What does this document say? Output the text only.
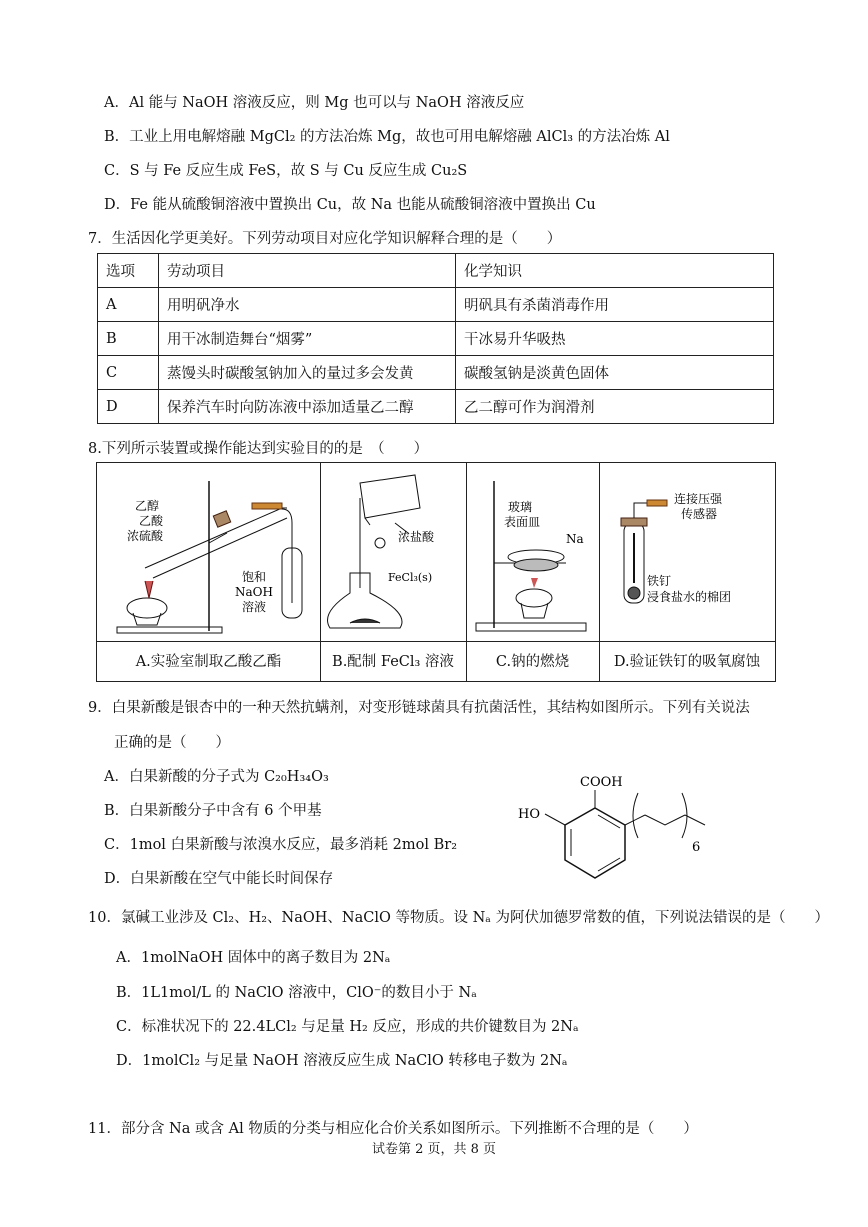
A．Al 能与 NaOH 溶液反应，则 Mg 也可以与 NaOH 溶液反应
B．工业上用电解熔融 MgCl₂ 的方法冶炼 Mg，故也可用电解熔融 AlCl₃ 的方法冶炼 Al
C．S 与 Fe 反应生成 FeS，故 S 与 Cu 反应生成 Cu₂S
D．Fe 能从硫酸铜溶液中置换出 Cu，故 Na 也能从硫酸铜溶液中置换出 Cu
7．生活因化学更美好。下列劳动项目对应化学知识解释合理的是（　　）
选项	劳动项目	化学知识
A	用明矾净水	明矾具有杀菌消毒作用
B	用干冰制造舞台“烟雾”	干冰易升华吸热
C	蒸馒头时碳酸氢钠加入的量过多会发黄	碳酸氢钠是淡黄色固体
D	保养汽车时向防冻液中添加适量乙二醇	乙二醇可作为润滑剂
8.下列所示装置或操作能达到实验目的的是　（　　）
乙醇
乙酸
浓硫酸
饱和
NaOH
溶液
浓盐酸
FeCl₃(s)
玻璃
表面皿
Na
连接压强
传感器
铁钉
浸食盐水的棉团
A.实验室制取乙酸乙酯	B.配制 FeCl₃ 溶液	C.钠的燃烧	D.验证铁钉的吸氧腐蚀
9．白果新酸是银杏中的一种天然抗螨剂，对变形链球菌具有抗菌活性，其结构如图所示。下列有关说法
正确的是（　　）
A．白果新酸的分子式为 C₂₀H₃₄O₃
B．白果新酸分子中含有 6 个甲基
C．1mol 白果新酸与浓溴水反应，最多消耗 2mol Br₂
D．白果新酸在空气中能长时间保存
COOH
HO
6
10．氯碱工业涉及 Cl₂、H₂、NaOH、NaClO 等物质。设 Nₐ 为阿伏加德罗常数的值，下列说法错误的是（　　）
A．1molNaOH 固体中的离子数目为 2Nₐ
B．1L1mol/L 的 NaClO 溶液中，ClO⁻的数目小于 Nₐ
C．标准状况下的 22.4LCl₂ 与足量 H₂ 反应，形成的共价键数目为 2Nₐ
D．1molCl₂ 与足量 NaOH 溶液反应生成 NaClO 转移电子数为 2Nₐ
11．部分含 Na 或含 Al 物质的分类与相应化合价关系如图所示。下列推断不合理的是（　　）
试卷第 2 页，共 8 页
